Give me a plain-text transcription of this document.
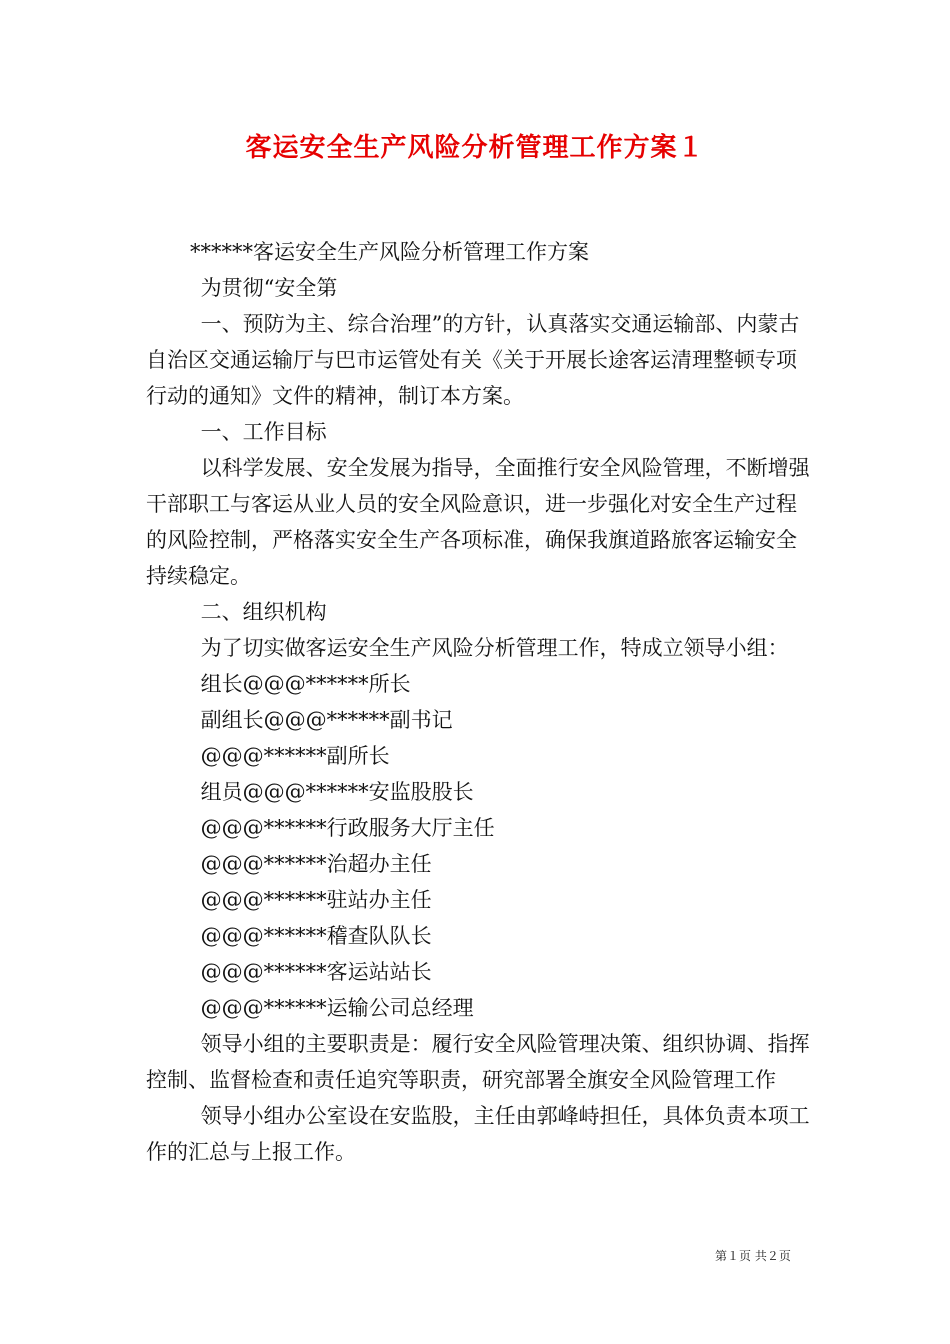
客运安全生产风险分析管理工作方案１

******客运安全生产风险分析管理工作方案

为贯彻“安全第

一、预防为主、综合治理”的方针，认真落实交通运输部、内蒙古自治区交通运输厅与巴市运管处有关《关于开展长途客运清理整顿专项行动的通知》文件的精神，制订本方案。

一、工作目标

以科学发展、安全发展为指导，全面推行安全风险管理，不断增强干部职工与客运从业人员的安全风险意识，进一步强化对安全生产过程的风险控制，严格落实安全生产各项标准，确保我旗道路旅客运输安全持续稳定。

二、组织机构

为了切实做客运安全生产风险分析管理工作，特成立领导小组：

组长@@@******所长

副组长@@@******副书记

@@@******副所长

组员@@@******安监股股长

@@@******行政服务大厅主任

@@@******治超办主任

@@@******驻站办主任

@@@******稽查队队长

@@@******客运站站长

@@@******运输公司总经理

领导小组的主要职责是：履行安全风险管理决策、组织协调、指挥控制、监督检查和责任追究等职责，研究部署全旗安全风险管理工作

领导小组办公室设在安监股，主任由郭峰峙担任，具体负责本项工作的汇总与上报工作。

第１页 共２页
